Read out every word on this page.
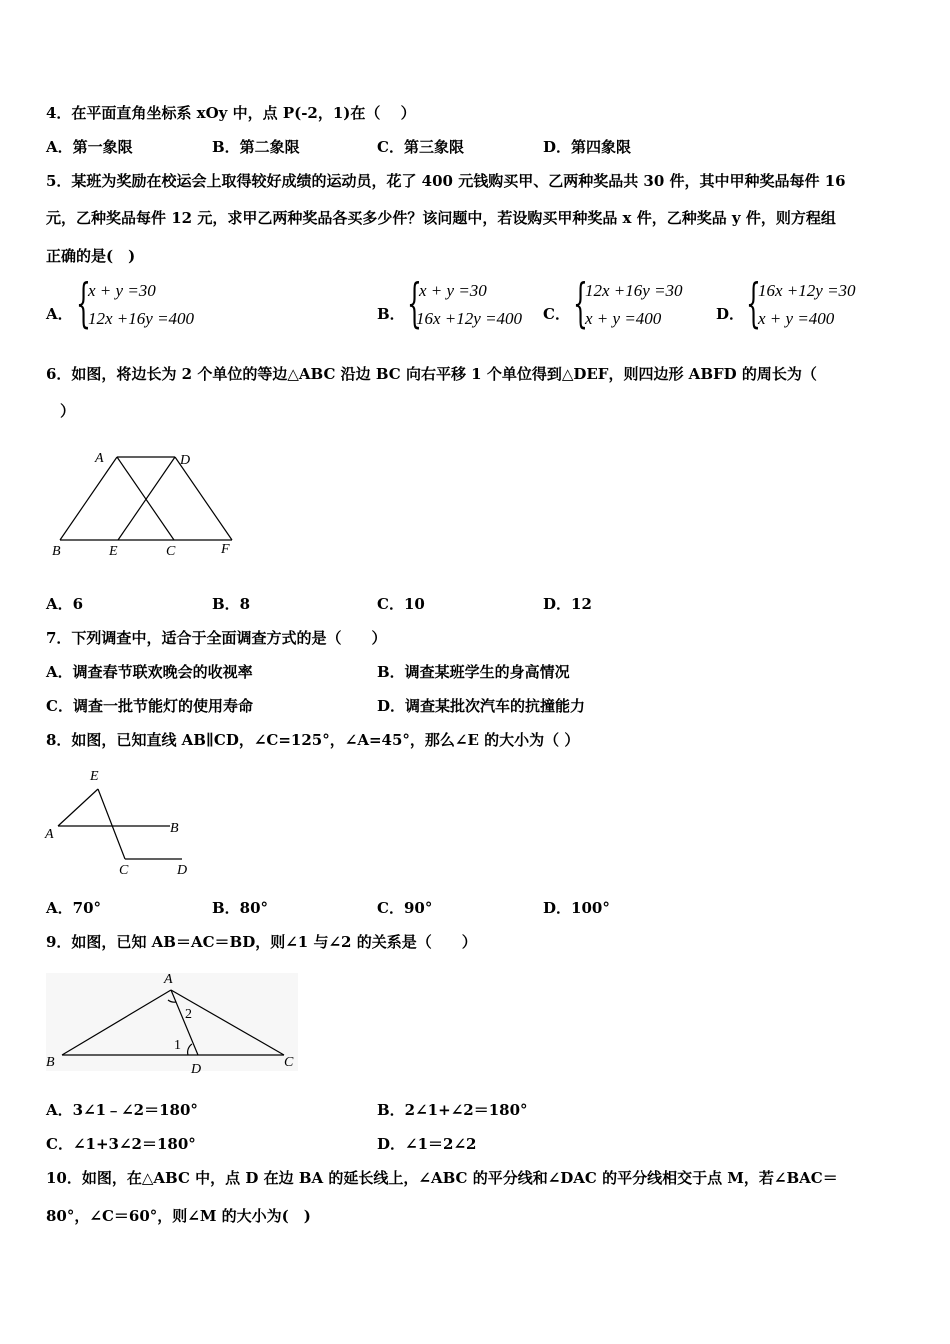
4．在平面直角坐标系 xOy 中，点 P(-2，1)在（　 ）
A．第一象限	B．第二象限	C．第三象限	D．第四象限
5．某班为奖励在校运会上取得较好成绩的运动员，花了 400 元钱购买甲、乙两种奖品共 30 件，其中甲种奖品每件 16
元，乙种奖品每件 12 元，求甲乙两种奖品各买多少件？该问题中，若设购买甲种奖品 x 件，乙种奖品 y 件，则方程组
正确的是(　)
A． {
x + y =30
12x +16y =400	B． {
x + y =30
16x +12y =400 C． {
12x +16y =30
x + y =400	D． {
16x +12y =30
x + y =400
6．如图，将边长为 2 个单位的等边△ABC 沿边 BC 向右平移 1 个单位得到△DEF，则四边形 ABFD 的周长为（
）
A	D
B	E	C	F
A．6	B．8	C．10	D．12
7．下列调查中，适合于全面调查方式的是（　　）
A．调查春节联欢晚会的收视率	B．调查某班学生的身高情况
C．调查一批节能灯的使用寿命	D．调查某批次汽车的抗撞能力
8．如图，已知直线 AB∥CD，∠C=125°，∠A=45°，那么∠E 的大小为（ ）
E
A	B
C	D
A．70°	B．80°	C．90°	D．100°
9．如图，已知 AB＝AC＝BD，则∠1 与∠2 的关系是（　　）
A
B	C
D
1
2
A．3∠1﹣∠2＝180°	B．2∠1+∠2＝180°
C．∠1+3∠2＝180°	D．∠1＝2∠2
10．如图，在△ABC 中，点 D 在边 BA 的延长线上，∠ABC 的平分线和∠DAC 的平分线相交于点 M，若∠BAC＝
80°，∠C＝60°，则∠M 的大小为(　)
